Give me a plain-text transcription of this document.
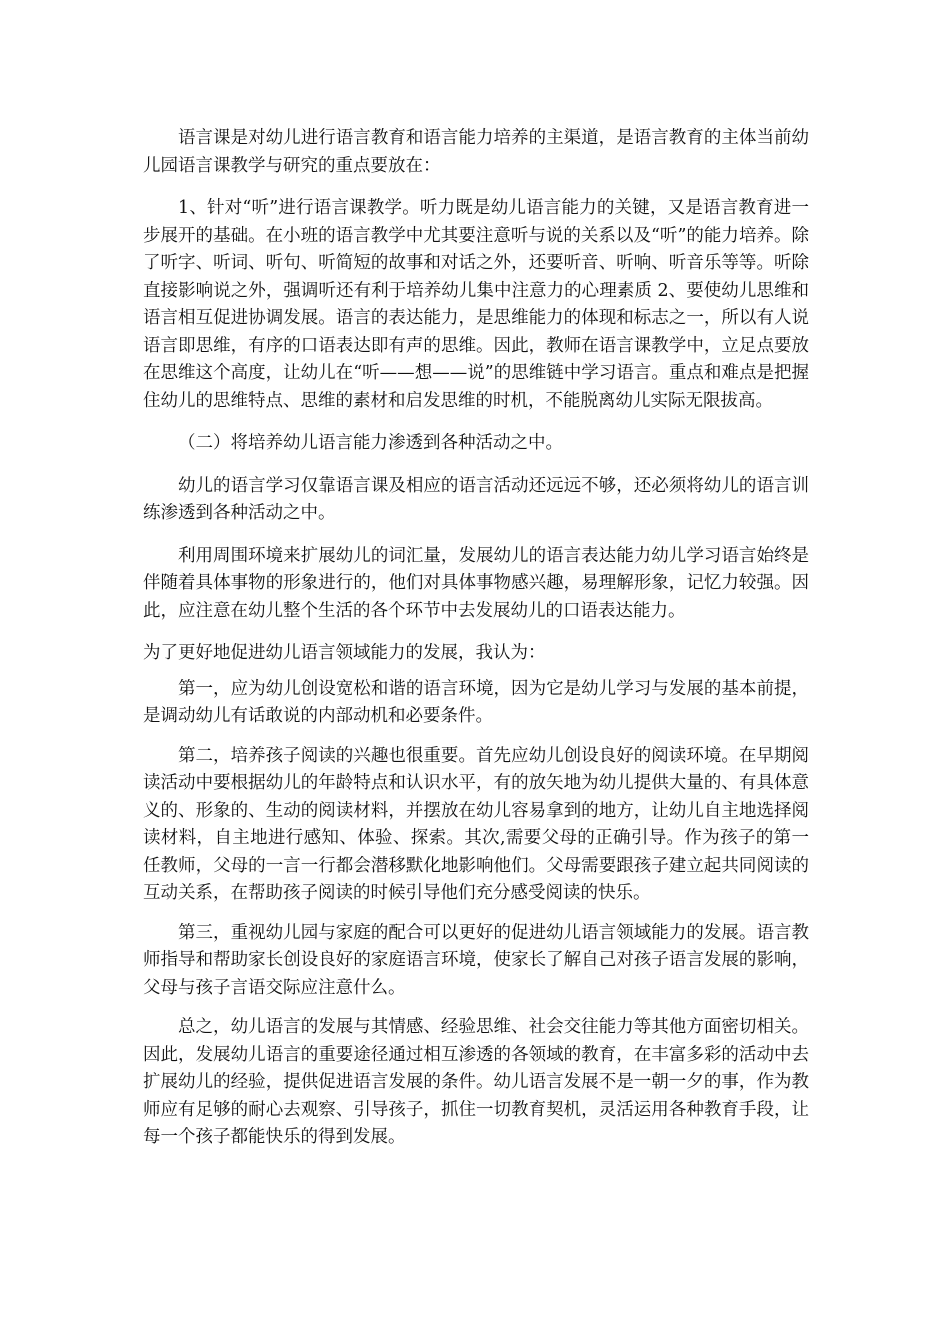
语言课是对幼儿进行语言教育和语言能力培养的主渠道，是语言教育的主体当前幼儿园语言课教学与研究的重点要放在：

1、针对“听”进行语言课教学。听力既是幼儿语言能力的关键，又是语言教育进一步展开的基础。在小班的语言教学中尤其要注意听与说的关系以及“听”的能力培养。除了听字、听词、听句、听简短的故事和对话之外，还要听音、听响、听音乐等等。听除直接影响说之外，强调听还有利于培养幼儿集中注意力的心理素质 2、要使幼儿思维和语言相互促进协调发展。语言的表达能力，是思维能力的体现和标志之一，所以有人说语言即思维，有序的口语表达即有声的思维。因此，教师在语言课教学中，立足点要放在思维这个高度，让幼儿在“听——想——说”的思维链中学习语言。重点和难点是把握住幼儿的思维特点、思维的素材和启发思维的时机，不能脱离幼儿实际无限拔高。

（二）将培养幼儿语言能力渗透到各种活动之中。

幼儿的语言学习仅靠语言课及相应的语言活动还远远不够，还必须将幼儿的语言训练渗透到各种活动之中。

利用周围环境来扩展幼儿的词汇量，发展幼儿的语言表达能力幼儿学习语言始终是伴随着具体事物的形象进行的，他们对具体事物感兴趣，易理解形象，记忆力较强。因此，应注意在幼儿整个生活的各个环节中去发展幼儿的口语表达能力。

为了更好地促进幼儿语言领域能力的发展，我认为：

第一，应为幼儿创设宽松和谐的语言环境，因为它是幼儿学习与发展的基本前提，是调动幼儿有话敢说的内部动机和必要条件。

第二，培养孩子阅读的兴趣也很重要。首先应幼儿创设良好的阅读环境。在早期阅读活动中要根据幼儿的年龄特点和认识水平，有的放矢地为幼儿提供大量的、有具体意义的、形象的、生动的阅读材料，并摆放在幼儿容易拿到的地方，让幼儿自主地选择阅读材料，自主地进行感知、体验、探索。其次,需要父母的正确引导。作为孩子的第一任教师，父母的一言一行都会潜移默化地影响他们。父母需要跟孩子建立起共同阅读的互动关系，在帮助孩子阅读的时候引导他们充分感受阅读的快乐。

第三，重视幼儿园与家庭的配合可以更好的促进幼儿语言领域能力的发展。语言教师指导和帮助家长创设良好的家庭语言环境，使家长了解自己对孩子语言发展的影响，父母与孩子言语交际应注意什么。

总之，幼儿语言的发展与其情感、经验思维、社会交往能力等其他方面密切相关。因此，发展幼儿语言的重要途径通过相互渗透的各领域的教育，在丰富多彩的活动中去扩展幼儿的经验，提供促进语言发展的条件。幼儿语言发展不是一朝一夕的事，作为教师应有足够的耐心去观察、引导孩子，抓住一切教育契机，灵活运用各种教育手段，让每一个孩子都能快乐的得到发展。
